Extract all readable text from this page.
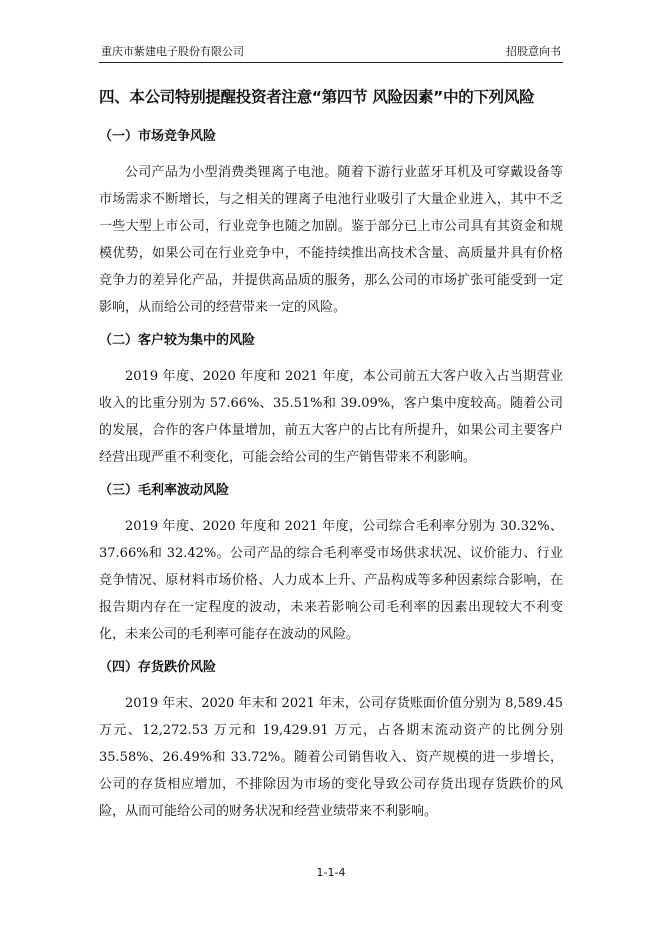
重庆市紫建电子股份有限公司	招股意向书
四、本公司特别提醒投资者注意“第四节 风险因素”中的下列风险
（一）市场竞争风险

公司产品为小型消费类锂离子电池。随着下游行业蓝牙耳机及可穿戴设备等市场需求不断增长，与之相关的锂离子电池行业吸引了大量企业进入，其中不乏一些大型上市公司，行业竞争也随之加剧。鉴于部分已上市公司具有其资金和规模优势，如果公司在行业竞争中，不能持续推出高技术含量、高质量并具有价格竞争力的差异化产品，并提供高品质的服务，那么公司的市场扩张可能受到一定影响，从而给公司的经营带来一定的风险。

（二）客户较为集中的风险

2019 年度、2020 年度和 2021 年度，本公司前五大客户收入占当期营业收入的比重分别为 57.66%、35.51%和 39.09%，客户集中度较高。随着公司的发展，合作的客户体量增加，前五大客户的占比有所提升，如果公司主要客户经营出现严重不利变化，可能会给公司的生产销售带来不利影响。

（三）毛利率波动风险

2019 年度、2020 年度和 2021 年度，公司综合毛利率分别为 30.32%、37.66%和 32.42%。公司产品的综合毛利率受市场供求状况、议价能力、行业竞争情况、原材料市场价格、人力成本上升、产品构成等多种因素综合影响，在报告期内存在一定程度的波动，未来若影响公司毛利率的因素出现较大不利变化，未来公司的毛利率可能存在波动的风险。

（四）存货跌价风险

2019 年末、2020 年末和 2021 年末，公司存货账面价值分别为 8,589.45 万元、12,272.53 万元和 19,429.91 万元，占各期末流动资产的比例分别 35.58%、26.49%和 33.72%。随着公司销售收入、资产规模的进一步增长，公司的存货相应增加，不排除因为市场的变化导致公司存货出现存货跌价的风险，从而可能给公司的财务状况和经营业绩带来不利影响。

1-1-4
